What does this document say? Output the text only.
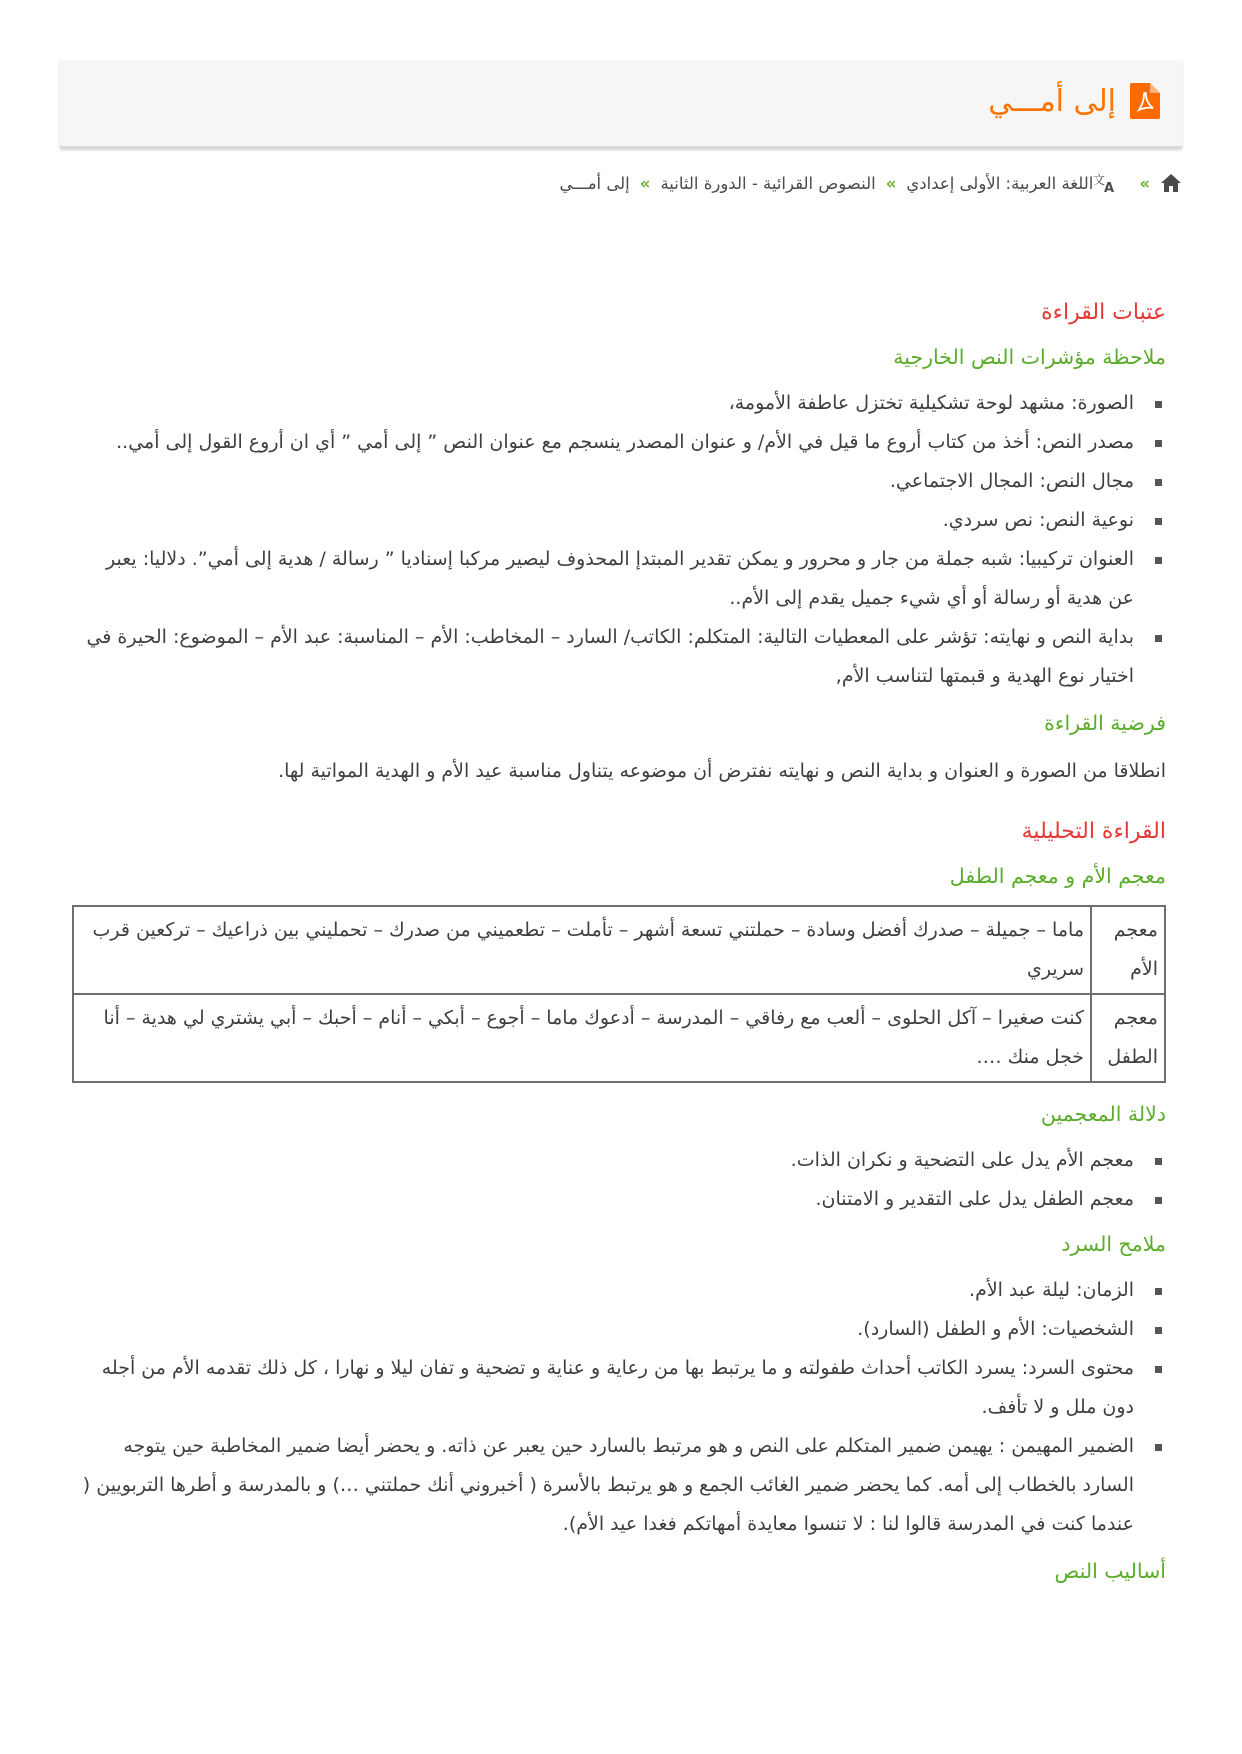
إلى أمـــي
»
文
A
اللغة العربية: الأولى إعدادي
»
النصوص القرائية - الدورة الثانية
»
إلى أمـــي
عتبات القراءة
ملاحظة مؤشرات النص الخارجية
الصورة: مشهد لوحة تشكيلية تختزل عاطفة الأمومة،
مصدر النص: أخذ من كتاب أروع ما قيل في الأم/ و عنوان المصدر ينسجم مع عنوان النص ” إلى أمي ” أي ان أروع القول إلى أمي..
مجال النص: المجال الاجتماعي.
نوعية النص: نص سردي.
العنوان تركيبيا: شبه جملة من جار و محرور و يمكن تقدير المبتدإ المحذوف ليصير مركبا إسناديا ” رسالة / هدية إلى أمي”. دلاليا: يعبر عن هدية أو رسالة أو أي شيء جميل يقدم إلى الأم..
بداية النص و نهايته: تؤشر على المعطيات التالية: المتكلم: الكاتب/ السارد – المخاطب: الأم – المناسبة: عبد الأم – الموضوع: الحيرة في اختيار نوع الهدية و قبمتها لتناسب الأم,
فرضية القراءة

انطلاقا من الصورة و العنوان و بداية النص و نهايته نفترض أن موضوعه يتناول مناسبة عيد الأم و الهدية المواتية لها.

القراءة التحليلية
معجم الأم و معجم الطفل
معجم الأم	ماما – جميلة – صدرك أفضل وسادة – حملتني تسعة أشهر – تأملت – تطعميني من صدرك – تحمليني بين ذراعيك – تركعين قرب سريري
معجم الطفل	كنت صغيرا – آكل الحلوى – ألعب مع رفاقي – المدرسة – أدعوك ماما – أجوع – أبكي – أنام – أحبك – أبي يشتري لي هدية – أنا خجل منك ….
دلالة المعجمين
معجم الأم يدل على التضحية و نكران الذات.
معجم الطفل يدل على التقدير و الامتنان.
ملامح السرد
الزمان: ليلة عبد الأم.
الشخصيات: الأم و الطفل (السارد).
محتوى السرد: يسرد الكاتب أحداث طفولته و ما يرتبط بها من رعاية و عناية و تضحية و تفان ليلا و نهارا ، كل ذلك تقدمه الأم من أجله دون ملل و لا تأفف.
الضمير المهيمن : يهيمن ضمير المتكلم على النص و هو مرتبط بالسارد حين يعبر عن ذاته. و يحضر أيضا ضمير المخاطبة حين يتوجه السارد بالخطاب إلى أمه. كما يحضر ضمير الغائب الجمع و هو يرتبط بالأسرة ( أخبروني أنك حملتني …) و بالمدرسة و أطرها التربويين ( عندما كنت في المدرسة قالوا لنا : لا تنسوا معايدة أمهاتكم فغدا عيد الأم).
أساليب النص
